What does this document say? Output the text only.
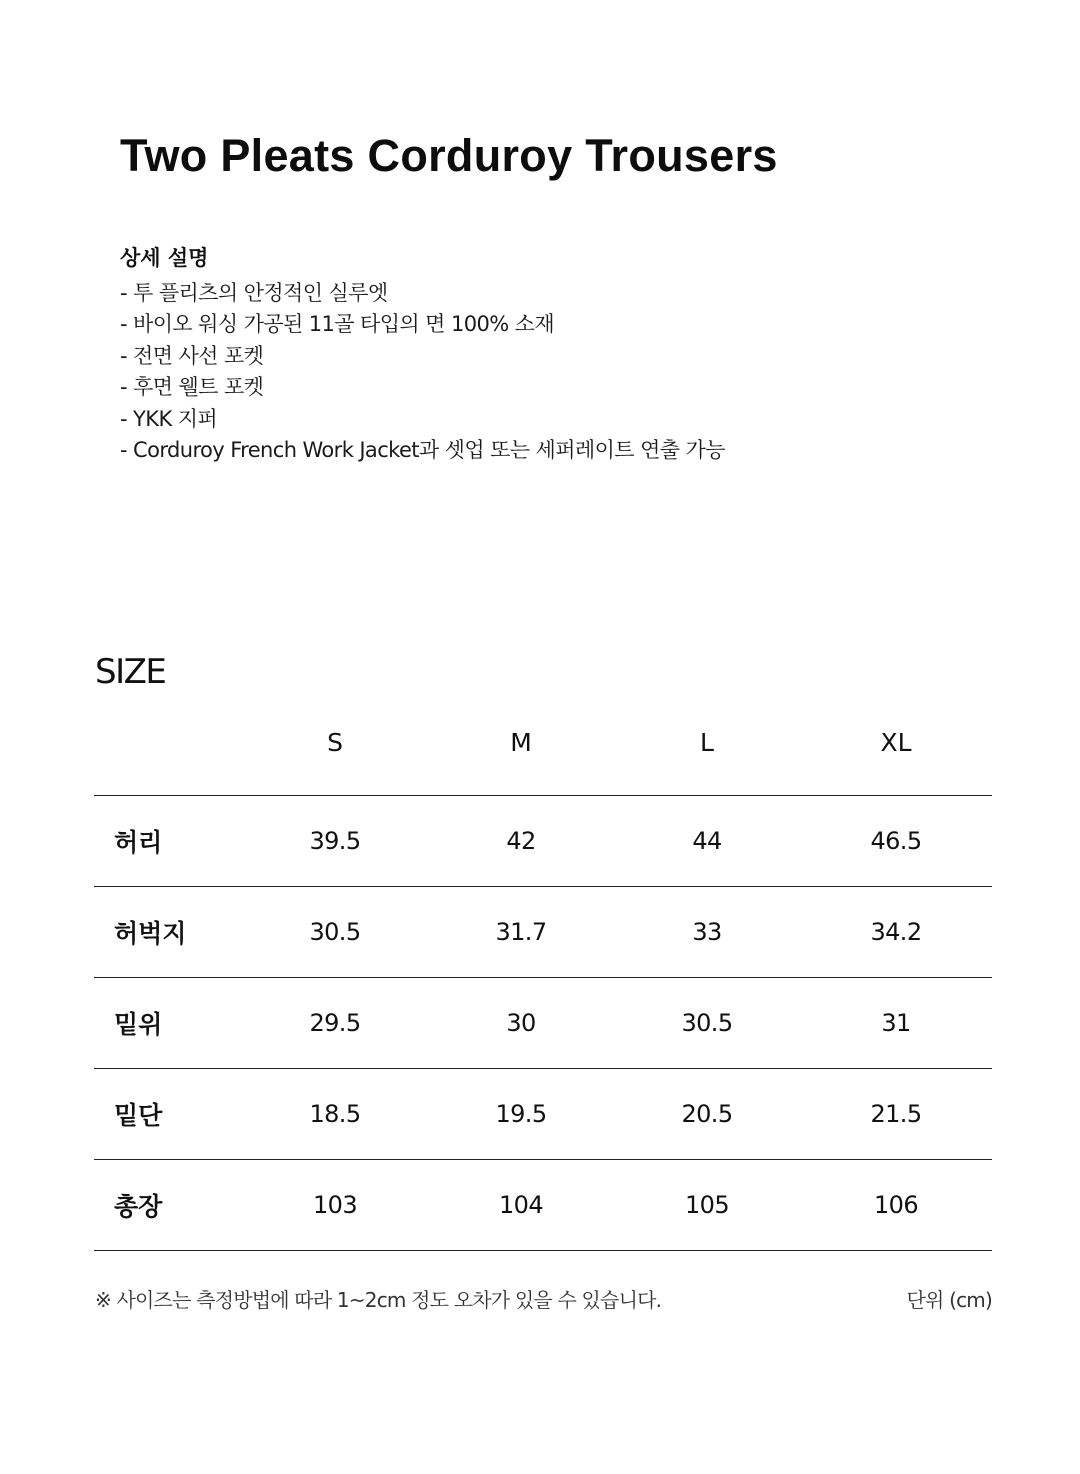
Two Pleats Corduroy Trousers
상세 설명
- 투 플리츠의 안정적인 실루엣
- 바이오 워싱 가공된 11골 타입의 면 100% 소재
- 전면 사선 포켓
- 후면 웰트 포켓
- YKK 지퍼
- Corduroy French Work Jacket과 셋업 또는 세퍼레이트 연출 가능
SIZE
	S	M	L	XL
허리	39.5	42	44	46.5
허벅지	30.5	31.7	33	34.2
밑위	29.5	30	30.5	31
밑단	18.5	19.5	20.5	21.5
총장	103	104	105	106
※ 사이즈는 측정방법에 따라 1~2cm 정도 오차가 있을 수 있습니다.	단위 (cm)
